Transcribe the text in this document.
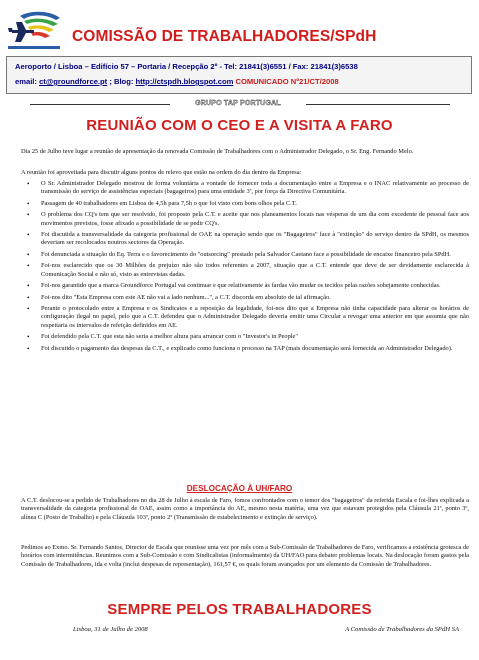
COMISSÃO DE TRABALHADORES/SPdH
Aeroporto / Lisboa – Edifício 57 – Portaria / Recepção 2º - Tel: 21841(3)6551 / Fax: 21841(3)6538
email: ct@groundforce.pt ; Blog: http://ctspdh.blogspot.com COMUNICADO Nº21/CT/2008
GRUPO TAP PORTUGAL
REUNIÃO COM O CEO E A VISITA A FARO
Dia 25 de Julho teve lugar a reunião de apresentação da renovada Comissão de Trabalhadores com o Administrador Delegado, o Sr. Eng. Fernando Melo.
A reunião foi aproveitada para discutir alguns pontos de relevo que estão na ordem do dia dentro da Empresa:
• O Sr. Administrador Delegado mostrou de forma voluntária a vontade de fornecer toda a documentação entre a Empresa e o INAC relativamente ao processo de transmissão do serviço de assistências especiais (bagageiros) para uma entidade 3ª, por força da Directiva Comunitária.
• Passagem de 40 trabalhadores em Lisboa de 4,5h para 7,5h o que foi visto com bons olhos pela C.T.
• O problema dos CQ's tem que ser resolvido, foi proposto pela C.T. e aceite que nos planeamentos locais nas vésperas de um dia com excedente de pessoal face aos movimentos previstos, fosse afixado a possibilidade de se pedir CQ's.
• Foi discutida a transversalidade da categoria profissional de OAE na operação sendo que os "Bagageiros" face à "extinção" do serviço dentro da SPdH, os mesmos deveriam ser recolocados noutros sectores da Operação.
• Foi denunciada a situação do Eq. Terra e o favorecimento do "outsorcing" prestado pela Salvador Caetano face a possibilidade de encaixe financeiro pela SPdH.
• Foi-nos esclarecido que os 30 Milhões de prejuízo não são todos referentes a 2007, situação que a C.T. entende que deve de ser devidamente esclarecida à Comunicação Social e não só, visto as entrevistas dadas.
• Foi-nos garantido que a marca Groundforce Portugal vai continuar e que relativamente às fardas vão mudar os tecidos pelas razões sobejamente conhecidas.
• Foi-nos dito "Esta Empresa com este AE não vai a lado nenhum...", a C.T. discorda em absoluto de tal afirmação.
• Perante o protocolado entre a Empresa e os Sindicatos e a reposição da legalidade, foi-nos dito que a Empresa não tinha capacidade para alterar os horários de configuração ilegal no papel, pelo que a C.T. defendeu que o Administrador Delegado deveria emitir uma Circular a revogar uma anterior em que assumia que não respeitaria os intervalos de refeição definidos em AE.
• Foi defendido pela C.T. que esta não seria a melhor altura para arrancar com o "Investor's in People"
• Foi discutido o pagamento das despesas da C.T., e explicado como funciona o processo na TAP (mais documentação será fornecida ao Administrador Delegado).
DESLOCAÇÃO À UH/FARO
A C.T. deslocou-se a pedido de Trabalhadores no dia 28 de Julho à escala de Faro, fomos confrontados com o temor dos "bagageiros" da referida Escala e foi-lhes explicada a transversalidade da categoria profissional de OAE, assim como a importância do AE, mesmo nesta matéria, uma vez que estavam protegidos pela Cláusula 21ª, ponto 3º, alínea C (Posto de Trabalho) e pela Cláusula 103ª, ponto 2º (Transmissão de estabelecimento e extinção de serviço).
Pedimos ao Exmo. Sr. Fernando Santos, Director de Escala que reunisse uma vez por mês com a Sub-Comissão de Trabalhadores de Faro, verificamos a existência grotesca de horários com intermitências. Reunimos com a Sub-Comissão e com Sindicalistas (informalmente) da UH/FAO para debater problemas locais. Na deslocação foram gastos pela Comissão de Trabalhadores, ida e volta (inclui despesas de representação), 161,57 €, os quais foram avançados por um elemento da Comissão de Trabalhadores.
SEMPRE PELOS TRABALHADORES
Lisboa, 31 de Julho de 2008	A Comissão de Trabalhadores da SPdH SA
